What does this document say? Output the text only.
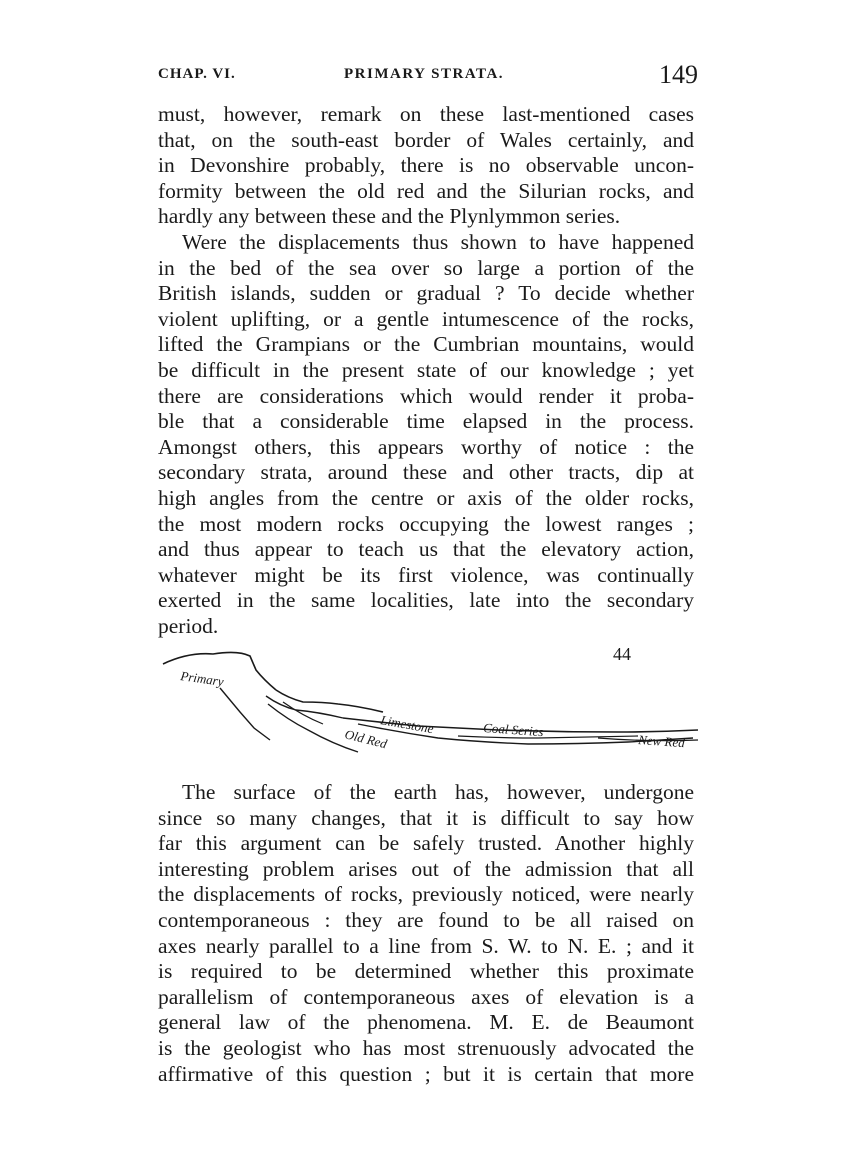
CHAP. VI.	PRIMARY STRATA.	149
must, however, remark on these last-mentioned cases
that, on the south-east border of Wales certainly, and
in Devonshire probably, there is no observable uncon-
formity between the old red and the Silurian rocks, and
hardly any between these and the Plynlymmon series.
Were the displacements thus shown to have happened
in the bed of the sea over so large a portion of the
British islands, sudden or gradual ? To decide whether
violent uplifting, or a gentle intumescence of the rocks,
lifted the Grampians or the Cumbrian mountains, would
be difficult in the present state of our knowledge ; yet
there are considerations which would render it proba-
ble that a considerable time elapsed in the process.
Amongst others, this appears worthy of notice : the
secondary strata, around these and other tracts, dip at
high angles from the centre or axis of the older rocks,
the most modern rocks occupying the lowest ranges ;
and thus appear to teach us that the elevatory action,
whatever might be its first violence, was continually
exerted in the same localities, late into the secondary
period.
44
Primary
Old Red
Limestone	Coal Series
New Red
The surface of the earth has, however, undergone
since so many changes, that it is difficult to say how
far this argument can be safely trusted. Another highly
interesting problem arises out of the admission that all
the displacements of rocks, previously noticed, were nearly
contemporaneous : they are found to be all raised on
axes nearly parallel to a line from S. W. to N. E. ; and it
is required to be determined whether this proximate
parallelism of contemporaneous axes of elevation is a
general law of the phenomena. M. E. de Beaumont
is the geologist who has most strenuously advocated the
affirmative of this question ; but it is certain that more
